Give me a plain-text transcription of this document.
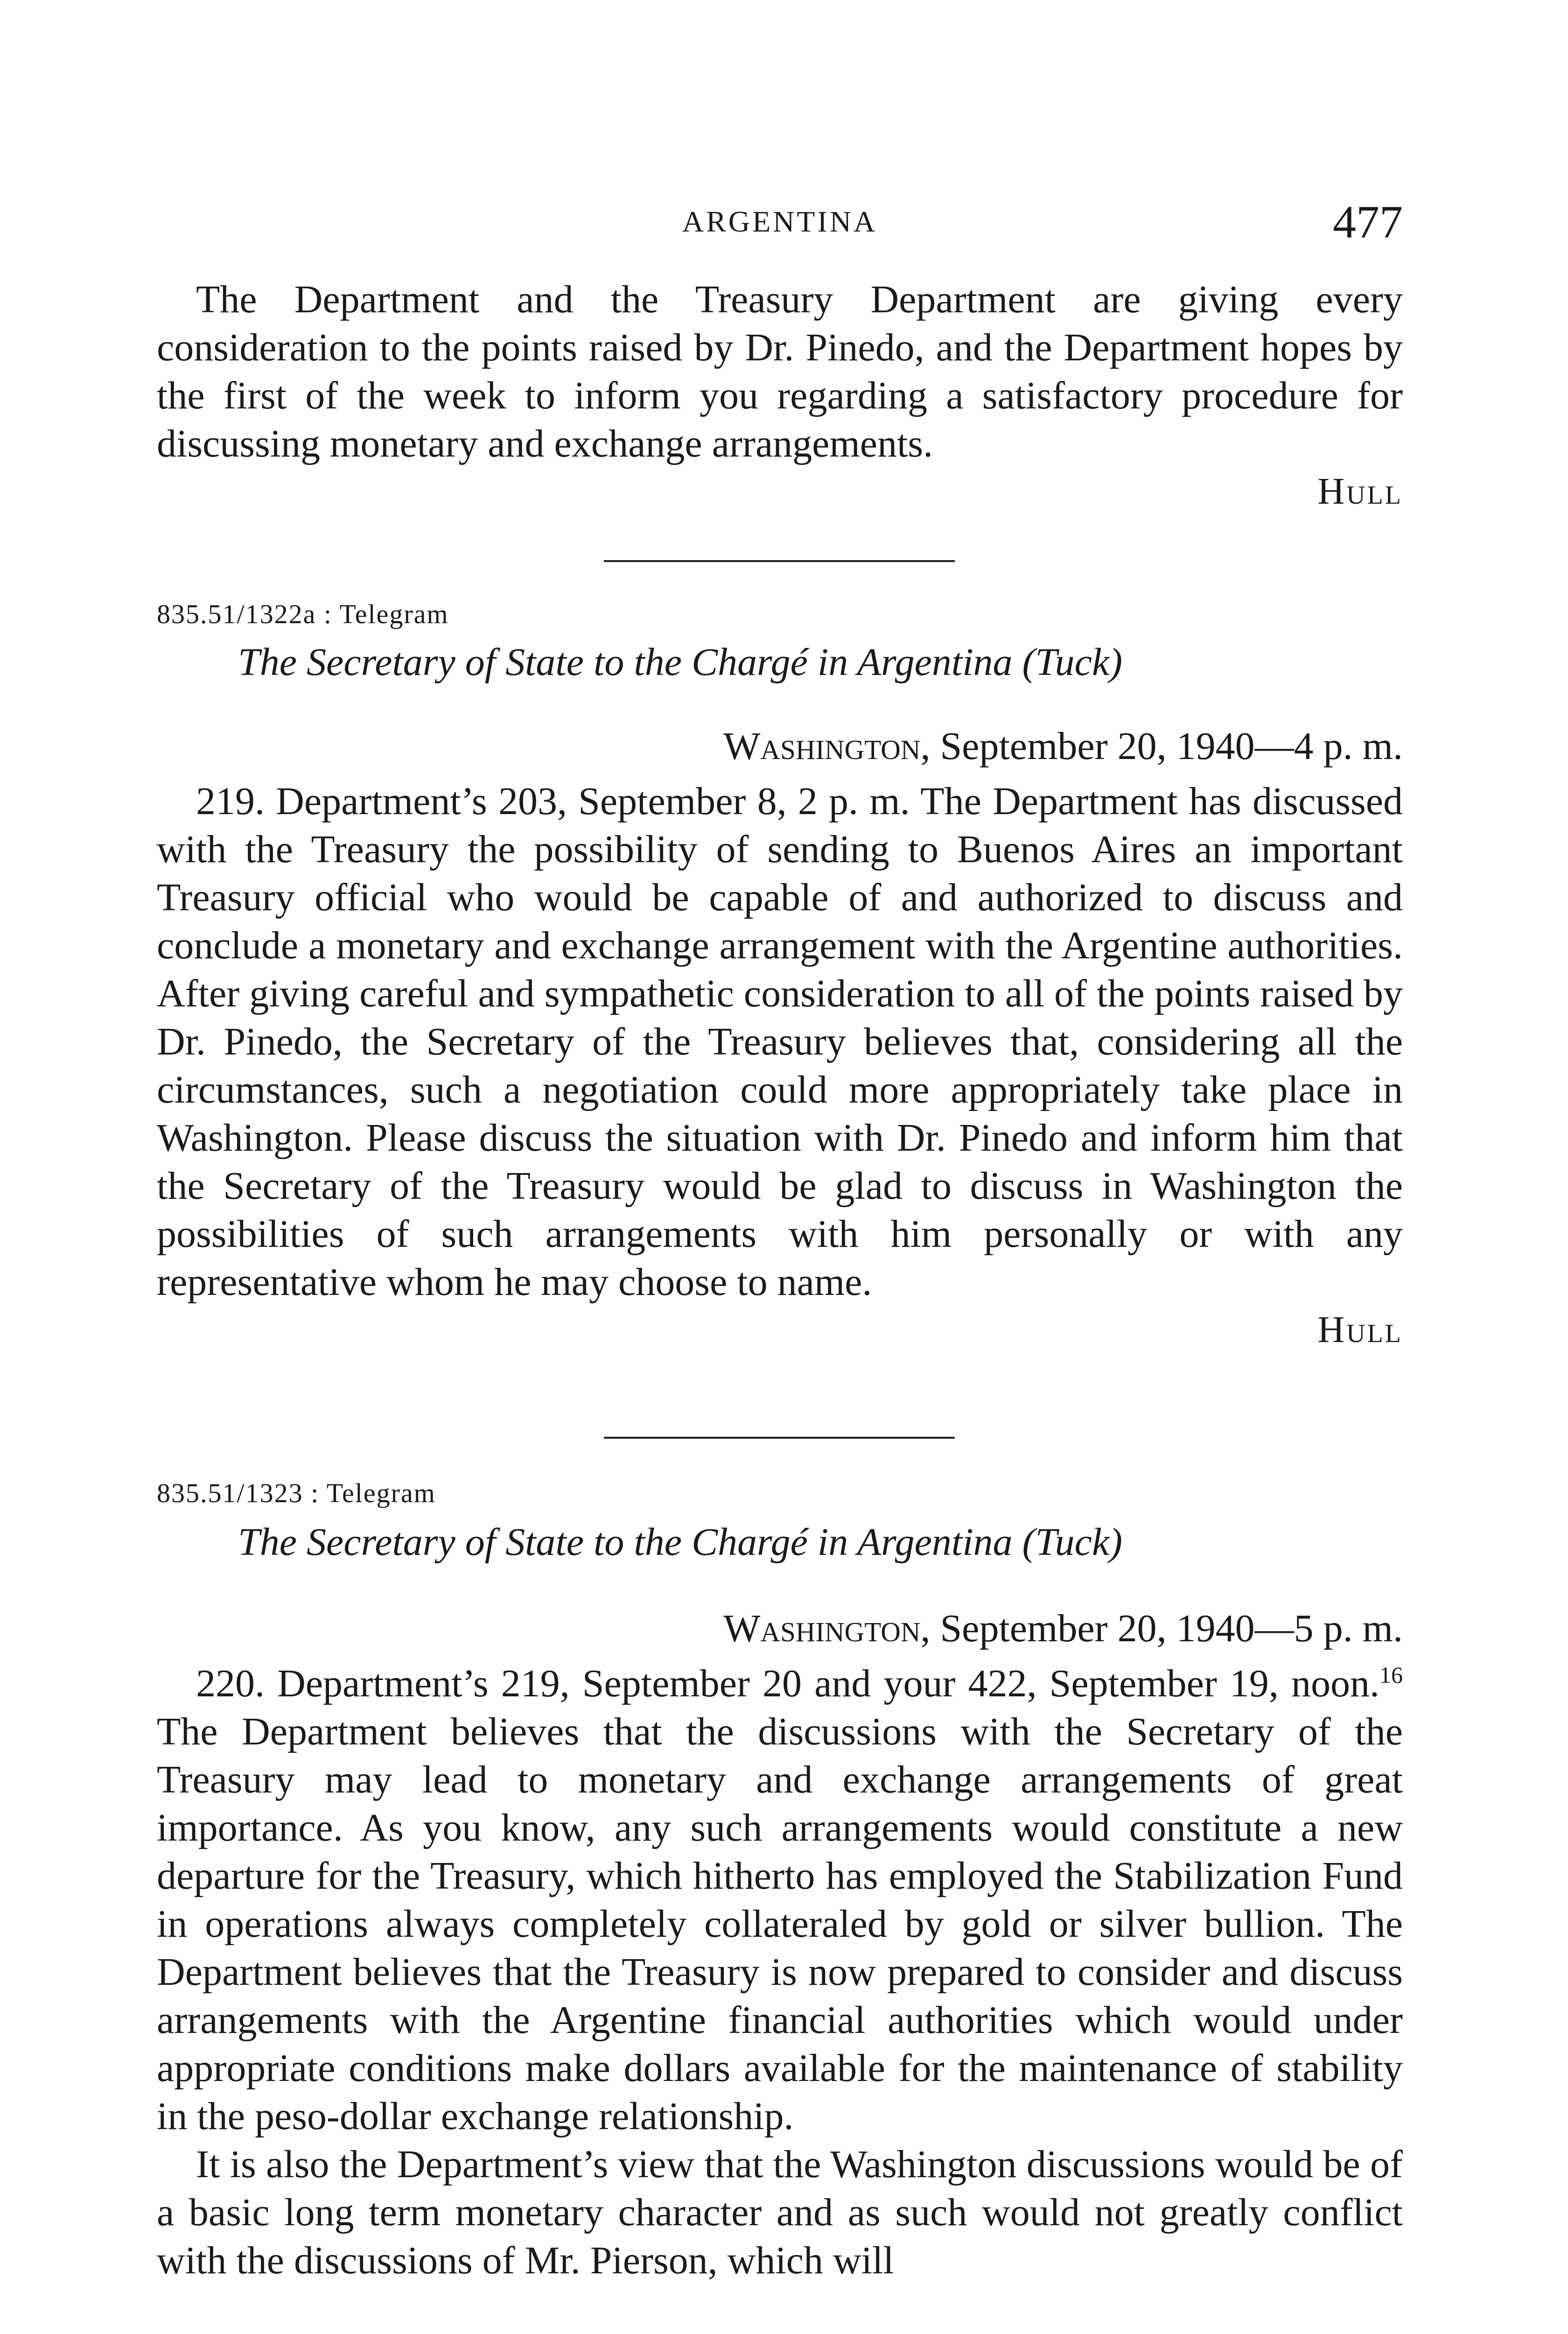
ARGENTINA	477

The Department and the Treasury Department are giving every consideration to the points raised by Dr. Pinedo, and the Department hopes by the first of the week to inform you regarding a satisfactory procedure for discussing monetary and exchange arrangements.

Hull
835.51/1322a : Telegram
The Secretary of State to the Chargé in Argentina (Tuck)
Washington, September 20, 1940—4 p. m.

219. Department’s 203, September 8, 2 p. m. The Department has discussed with the Treasury the possibility of sending to Buenos Aires an important Treasury official who would be capable of and authorized to discuss and conclude a monetary and exchange arrangement with the Argentine authorities. After giving careful and sympathetic consideration to all of the points raised by Dr. Pinedo, the Secretary of the Treasury believes that, considering all the circumstances, such a negotiation could more appropriately take place in Washington. Please discuss the situation with Dr. Pinedo and inform him that the Secretary of the Treasury would be glad to discuss in Washington the possibilities of such arrangements with him personally or with any representative whom he may choose to name.

Hull
835.51/1323 : Telegram
The Secretary of State to the Chargé in Argentina (Tuck)
Washington, September 20, 1940—5 p. m.

220. Department’s 219, September 20 and your 422, September 19, noon.$^{16}$ The Department believes that the discussions with the Secretary of the Treasury may lead to monetary and exchange arrangements of great importance. As you know, any such arrangements would constitute a new departure for the Treasury, which hitherto has employed the Stabilization Fund in operations always completely collateraled by gold or silver bullion. The Department believes that the Treasury is now prepared to consider and discuss arrangements with the Argentine financial authorities which would under appropriate conditions make dollars available for the maintenance of stability in the peso-dollar exchange relationship.

It is also the Department’s view that the Washington discussions would be of a basic long term monetary character and as such would not greatly conflict with the discussions of Mr. Pierson, which will
